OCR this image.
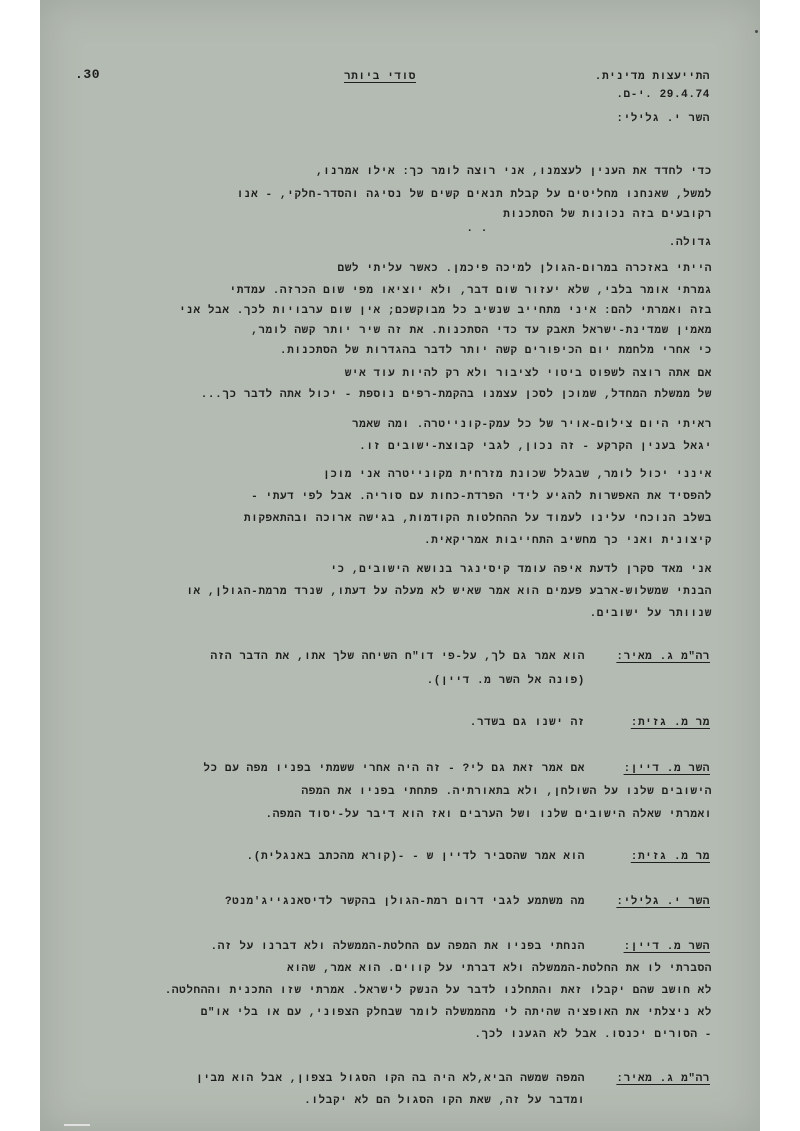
.30	סודי ביותר	התייעצות מדינית.
29.4.74 .י-ם.
השר י. גלילי:
כדי לחדד את הענין לעצמנו, אני רוצה לומר כך: אילו אמרנו,
למשל, שאנחנו מחליטים על קבלת תנאים קשים של נסיגה והסדר-חלקי, - אנו
רקובעים בזה נכונות של הסתכנות
. .
גדולה.
הייתי באזכרה במרום-הגולן למיכה פיכמן. כאשר עליתי לשם
גמרתי אומר בלבי, שלא יעזור שום דבר, ולא יוציאו מפי שום הכרזה. עמדתי
בזה ואמרתי להם: איני מתחייב שנשיב כל מבוקשכם; אין שום ערבויות לכך. אבל אני
מאמין שמדינת-ישראל תאבק עד כדי הסתכנות. את זה שיר יותר קשה לומר,
כי אחרי מלחמת יום הכיפורים קשה יותר לדבר בהגדרות של הסתכנות.
אם אתה רוצה לשפוט ביטוי לציבור ולא רק להיות עוד איש
של ממשלת המחדל, שמוכן לסכן עצמנו בהקמת-רפים נוספת - יכול אתה לדבר כך...
ראיתי היום צילום-אויר של כל עמק-קונייטרה. ומה שאמר
יגאל בענין הקרקע - זה נכון, לגבי קבוצת-ישובים זו.
אינני יכול לומר, שבגלל שכונת מזרחית מקונייטרה אני מוכן
להפסיד את האפשרות להגיע לידי הפרדת-כחות עם סוריה. אבל לפי דעתי -
בשלב הנוכחי עלינו לעמוד על ההחלטות הקודמות, בגישה ארוכה ובהתאפקות
קיצונית ואני כך מחשיב התחייבות אמריקאית.
אני מאד סקרן לדעת איפה עומד קיסינגר בנושא הישובים, כי
הבנתי שמשלוש-ארבע פעמים הוא אמר שאיש לא מעלה על דעתו, שנרד מרמת-הגולן, או
שנוותר על ישובים.
רה"מ ג. מאיר:
הוא אמר גם לך, על-פי דו"ח השיחה שלך אתו, את הדבר הזה
(פונה אל השר מ. דיין).
מר מ. גזית:
זה ישנו גם בשדר.
השר מ. דיין:
אם אמר זאת גם לי? - זה היה אחרי ששמתי בפניו מפה עם כל
הישובים שלנו על השולחן, ולא בתאורתיה. פתחתי בפניו את המפה
ואמרתי שאלה הישובים שלנו ושל הערבים ואז הוא דיבר על-יסוד המפה.
מר מ. גזית:
הוא אמר שהסביר לדיין ש - -(קורא מהכתב באנגלית).
השר י. גלילי:
מה משתמע לגבי דרום רמת-הגולן בהקשר לדיסאנגייג'מנט?
השר מ. דיין:
הנחתי בפניו את המפה עם החלטת-הממשלה ולא דברנו על זה.
הסברתי לו את החלטת-הממשלה ולא דברתי על קווים. הוא אמר, שהוא
לא חושב שהם יקבלו זאת והתחלנו לדבר על הנשק לישראל. אמרתי שזו התכנית וההחלטה.
לא ניצלתי את האופציה שהיתה לי מהממשלה לומר שבחלק הצפוני, עם או בלי או"ם
- הסורים יכנסו. אבל לא הגענו לכך.
רה"מ ג. מאיר:
המפה שמשה הביא,לא היה בה הקו הסגול בצפון, אבל הוא מבין
ומדבר על זה, שאת הקו הסגול הם לא יקבלו.
